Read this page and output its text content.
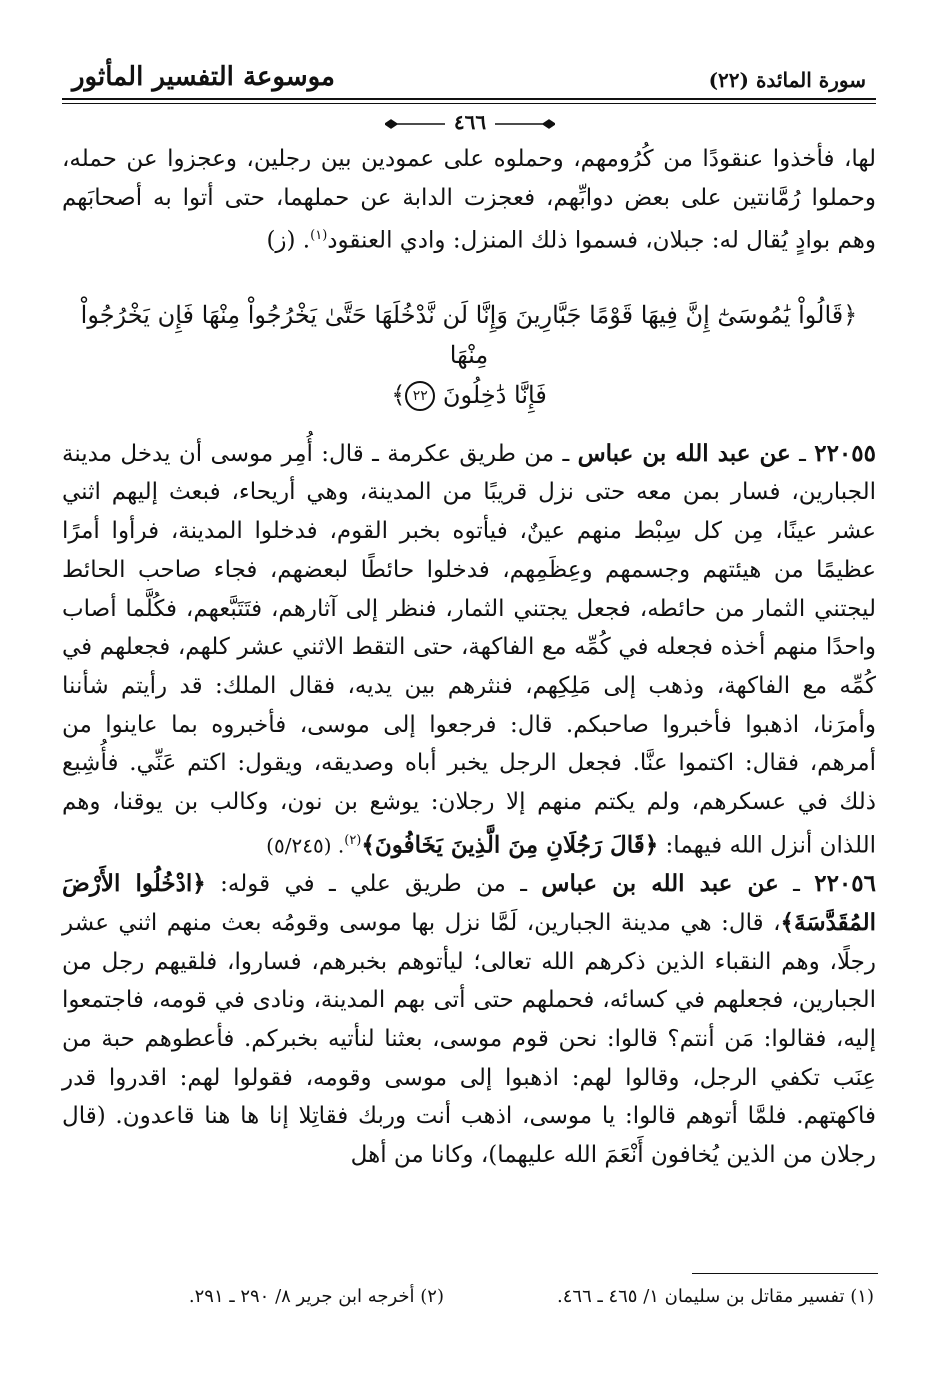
سورة المائدة (٢٢)
موسوعة التفسير المأثور
٤٦٦

لها، فأخذوا عنقودًا من كُرُومهم، وحملوه على عمودين بين رجلين، وعجزوا عن حمله، وحملوا رُمَّانتين على بعض دوابِّهم، فعجزت الدابة عن حملهما، حتى أتوا به أصحابَهم وهم بوادٍ يُقال له: جبلان، فسموا ذلك المنزل: وادي العنقود$^{(١)}$. (ز)

﴿قَالُواْ يَٰمُوسَىٰٓ إِنَّ فِيهَا قَوْمًا جَبَّارِينَ وَإِنَّا لَن نَّدْخُلَهَا حَتَّىٰ يَخْرُجُواْ مِنْهَا فَإِن يَخْرُجُواْ مِنْهَا
فَإِنَّا دَٰخِلُونَ ٢٢﴾

٢٢٠٥٥ ـ عن عبد الله بن عباس ـ من طريق عكرمة ـ قال: أُمِر موسى أن يدخل مدينة الجبارين، فسار بمن معه حتى نزل قريبًا من المدينة، وهي أريحاء، فبعث إليهم اثني عشر عينًا، مِن كل سِبْط منهم عينٌ، فيأتوه بخبر القوم، فدخلوا المدينة، فرأوا أمرًا عظيمًا من هيئتهم وجسمهم وعِظَمِهم، فدخلوا حائطًا لبعضهم، فجاء صاحب الحائط ليجتني الثمار من حائطه، فجعل يجتني الثمار، فنظر إلى آثارهم، فتَتَبَّعهم، فكُلَّما أصاب واحدًا منهم أخذه فجعله في كُمِّه مع الفاكهة، حتى التقط الاثني عشر كلهم، فجعلهم في كُمِّه مع الفاكهة، وذهب إلى مَلِكِهم، فنثرهم بين يديه، فقال الملك: قد رأيتم شأننا وأمرَنا، اذهبوا فأخبروا صاحبكم. قال: فرجعوا إلى موسى، فأخبروه بما عاينوا من أمرهم، فقال: اكتموا عنَّا. فجعل الرجل يخبر أباه وصديقه، ويقول: اكتم عَنِّي. فأُشِيع ذلك في عسكرهم، ولم يكتم منهم إلا رجلان: يوشع بن نون، وكالب بن يوقنا، وهم اللذان أنزل الله فيهما: ﴿قَالَ رَجُلَانِ مِنَ الَّذِينَ يَخَافُونَ﴾$^{(٢)}$. (٥/٢٤٥)

٢٢٠٥٦ ـ عن عبد الله بن عباس ـ من طريق علي ـ في قوله: ﴿ادْخُلُوا الأَرْضَ المُقَدَّسَةَ﴾، قال: هي مدينة الجبارين، لَمَّا نزل بها موسى وقومُه بعث منهم اثني عشر رجلًا، وهم النقباء الذين ذكرهم الله تعالى؛ ليأتوهم بخبرهم، فساروا، فلقيهم رجل من الجبارين، فجعلهم في كسائه، فحملهم حتى أتى بهم المدينة، ونادى في قومه، فاجتمعوا إليه، فقالوا: مَن أنتم؟ قالوا: نحن قوم موسى، بعثنا لنأتيه بخبركم. فأعطوهم حبة من عِنَب تكفي الرجل، وقالوا لهم: اذهبوا إلى موسى وقومه، فقولوا لهم: اقدروا قدر فاكهتهم. فلمَّا أتوهم قالوا: يا موسى، اذهب أنت وربك فقاتِلا إنا ها هنا قاعدون. (قال رجلان من الذين يُخافون أَنْعَمَ الله عليهما)، وكانا من أهل

(١) تفسير مقاتل بن سليمان ١/ ٤٦٥ ـ ٤٦٦.
(٢) أخرجه ابن جرير ٨/ ٢٩٠ ـ ٢٩١.
